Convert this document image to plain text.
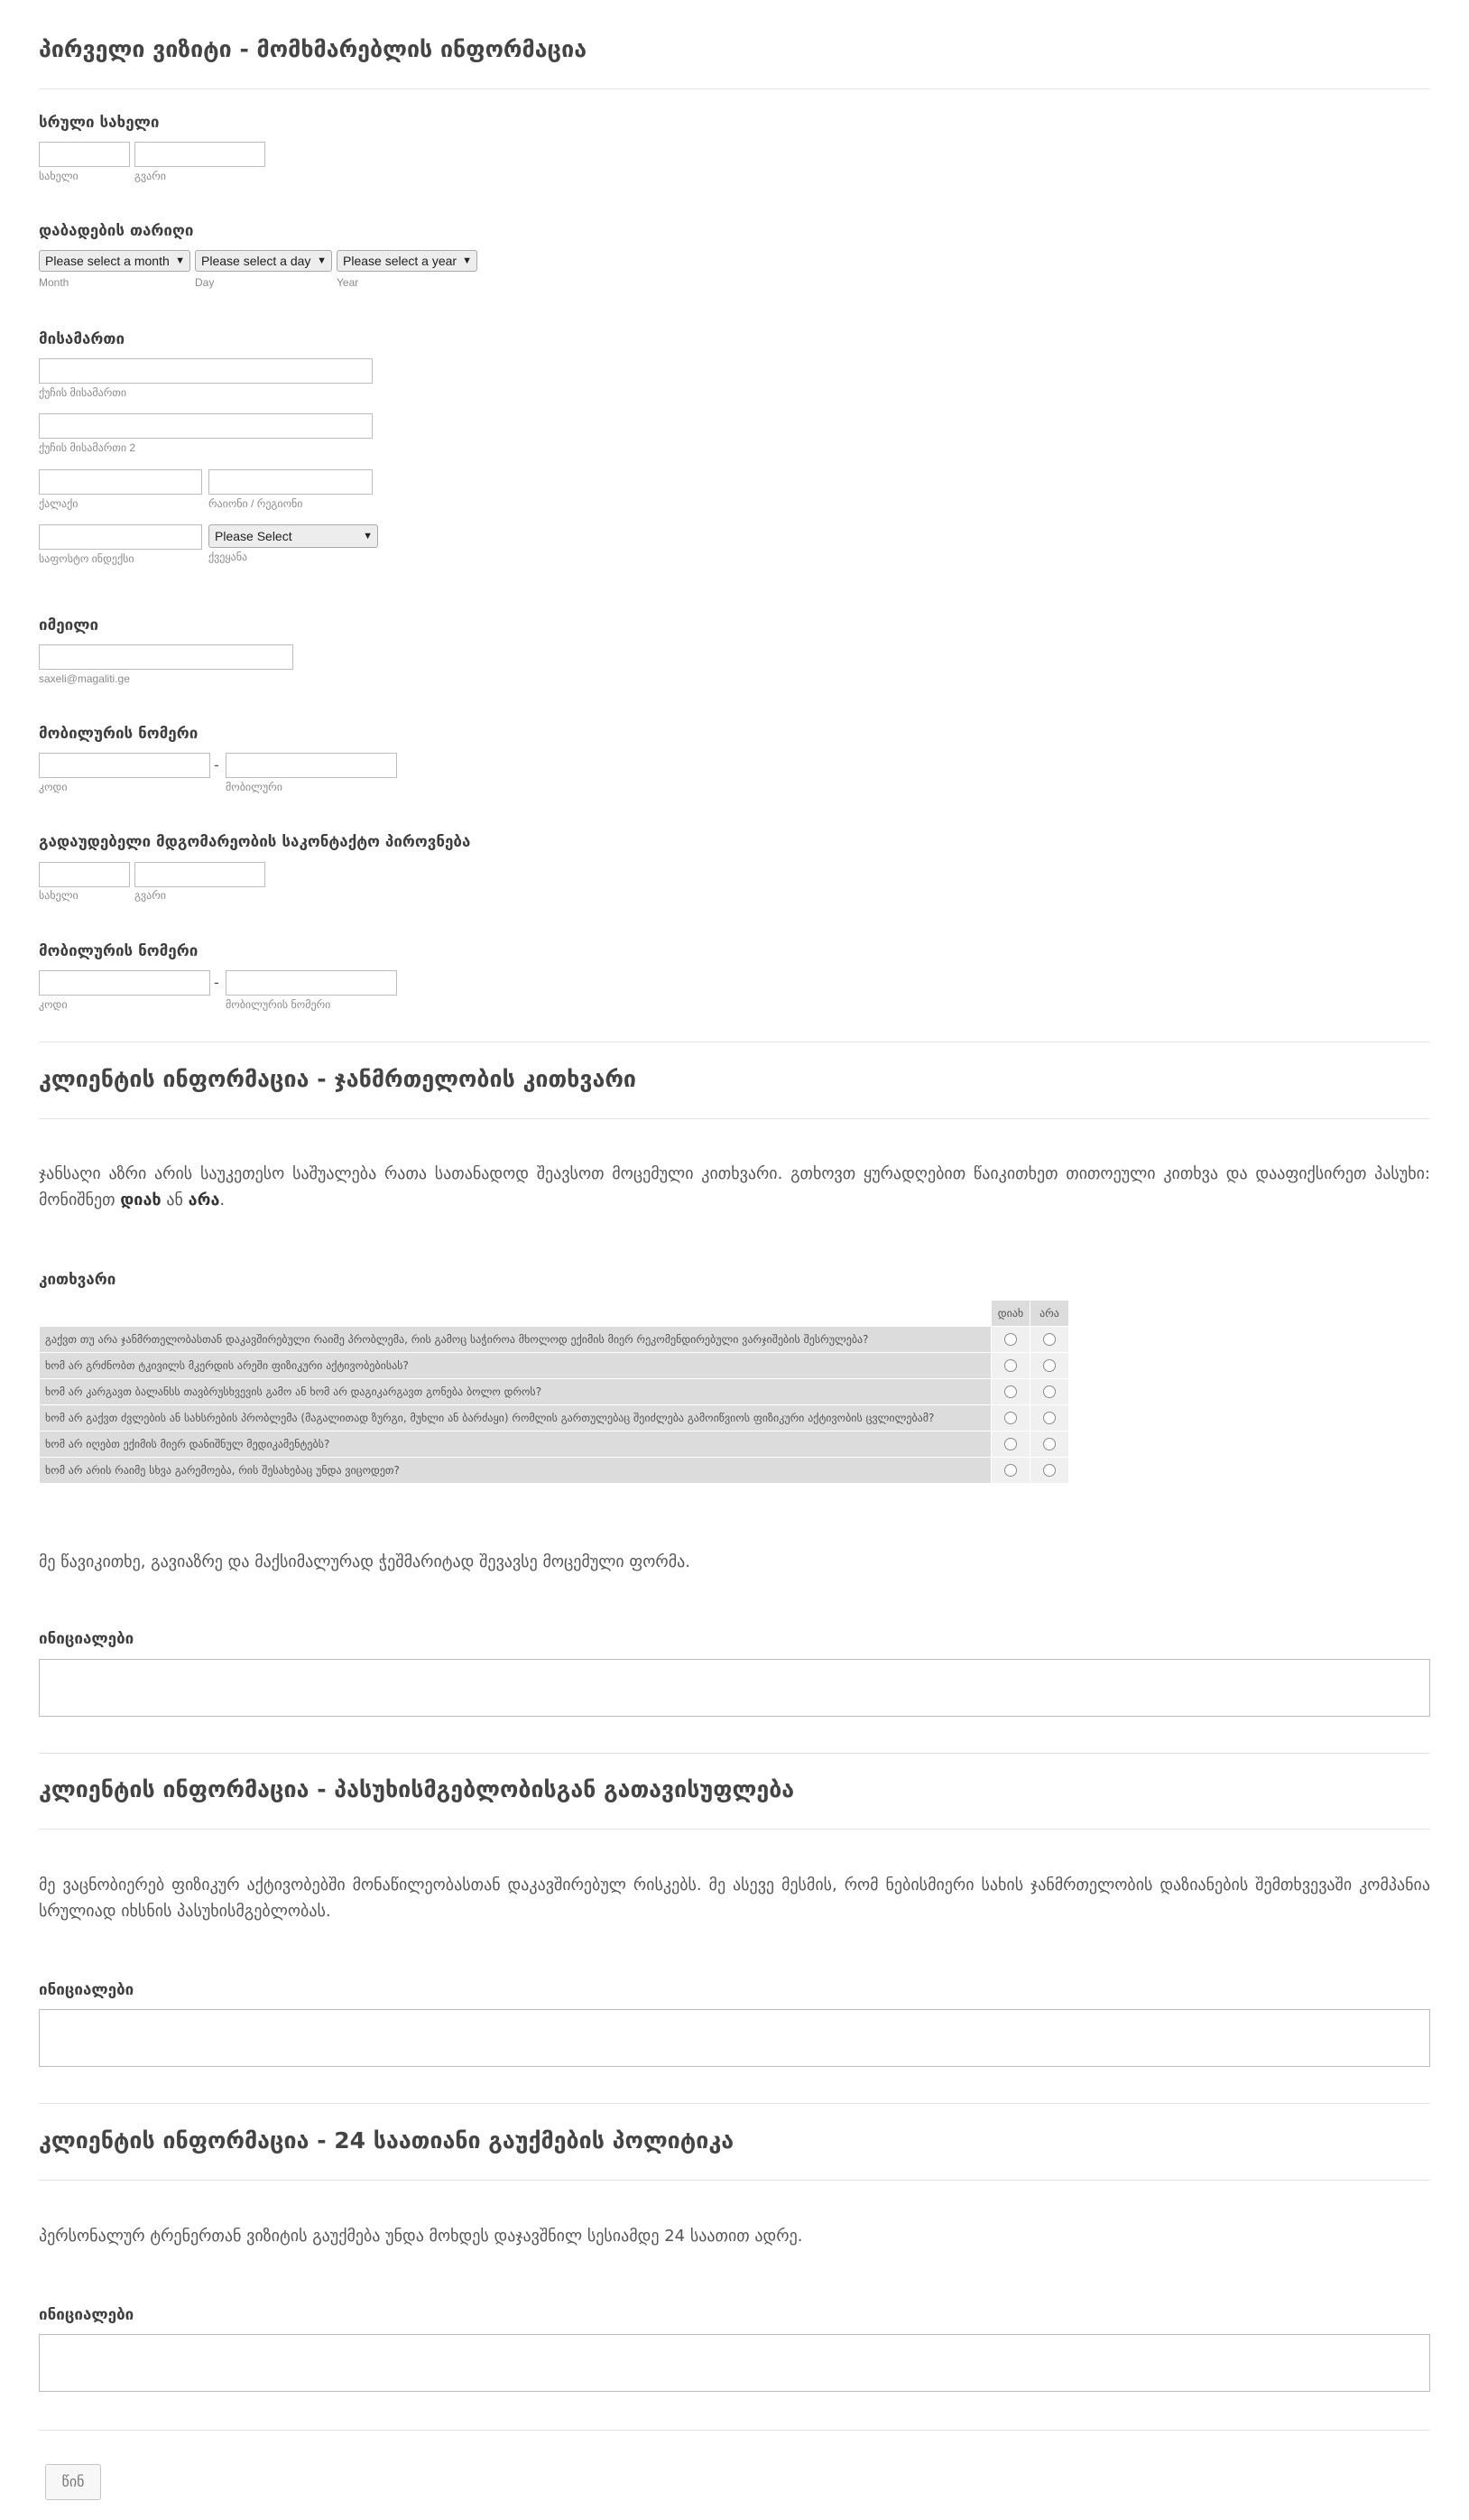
პირველი ვიზიტი - მომხმარებლის ინფორმაცია
სრული სახელი
სახელი	გვარი
დაბადების თარიღი
Please select a month ▼	Please select a day ▼	Please select a year ▼
Month	Day	Year
მისამართი
ქუჩის მისამართი
ქუჩის მისამართი 2
ქალაქი	რაიონი / რეგიონი
Please Select	▼
საფოსტო ინდექსი	ქვეყანა
იმეილი
saxeli@magaliti.ge
მობილურის ნომერი
-
კოდი	მობილური
გადაუდებელი მდგომარეობის საკონტაქტო პიროვნება
სახელი	გვარი
მობილურის ნომერი
-
კოდი	მობილურის ნომერი
კლიენტის ინფორმაცია - ჯანმრთელობის კითხვარი

ჯანსაღი აზრი არის საუკეთესო საშუალება რათა სათანადოდ შეავსოთ მოცემული კითხვარი. გთხოვთ ყურადღებით წაიკითხეთ თითოეული კითხვა და დააფიქსირეთ პასუხი: მონიშნეთ დიახ ან არა.

კითხვარი
	დიახ	არა
გაქვთ თუ არა ჯანმრთელობასთან დაკავშირებული რაიმე პრობლემა, რის გამოც საჭიროა მხოლოდ ექიმის მიერ რეკომენდირებული ვარჯიშების შესრულება?		
ხომ არ გრძნობთ ტკივილს მკერდის არეში ფიზიკური აქტივობებისას?		
ხომ არ კარგავთ ბალანსს თავბრუსხვევის გამო ან ხომ არ დაგიკარგავთ გონება ბოლო დროს?		
ხომ არ გაქვთ ძვლების ან სახსრების პრობლემა (მაგალითად ზურგი, მუხლი ან ბარძაყი) რომლის გართულებაც შეიძლება გამოიწვიოს ფიზიკური აქტივობის ცვლილებამ?		
ხომ არ იღებთ ექიმის მიერ დანიშნულ მედიკამენტებს?		
ხომ არ არის რაიმე სხვა გარემოება, რის შესახებაც უნდა ვიცოდეთ?		

მე წავიკითხე, გავიაზრე და მაქსიმალურად ჭეშმარიტად შევავსე მოცემული ფორმა.

ინიციალები
კლიენტის ინფორმაცია - პასუხისმგებლობისგან გათავისუფლება

მე ვაცნობიერებ ფიზიკურ აქტივობებში მონაწილეობასთან დაკავშირებულ რისკებს. მე ასევე მესმის, რომ ნებისმიერი სახის ჯანმრთელობის დაზიანების შემთხვევაში კომპანია სრულიად იხსნის პასუხისმგებლობას.

ინიციალები
კლიენტის ინფორმაცია - 24 საათიანი გაუქმების პოლიტიკა

პერსონალურ ტრენერთან ვიზიტის გაუქმება უნდა მოხდეს დაჯავშნილ სესიამდე 24 საათით ადრე.

ინიციალები
წინ
